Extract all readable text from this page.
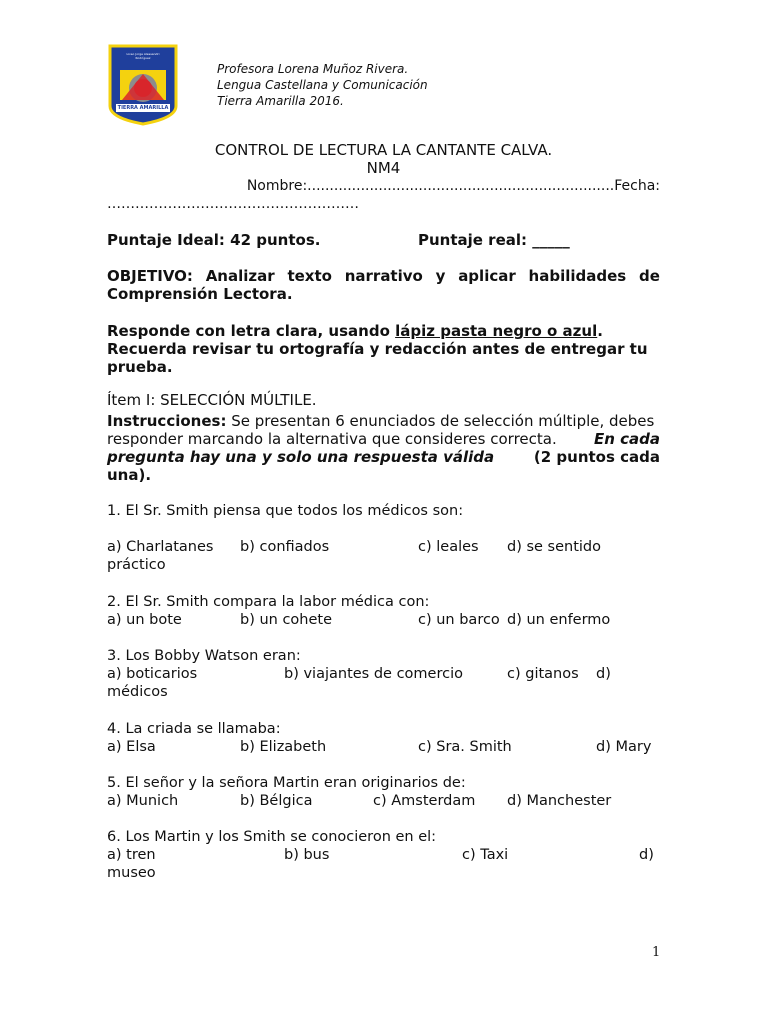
Liceo Jorge Alessandri Rodríguez
TIERRA AMARILLA
Profesora Lorena Muñoz Rivera.
Lengua Castellana y Comunicación
Tierra Amarilla 2016.
CONTROL DE LECTURA LA CANTANTE CALVA.
NM4
Nombre:.....................................................................Fecha:
………………………………………………
Puntaje Ideal: 42 puntos.	Puntaje real: _____
OBJETIVO: Analizar texto narrativo y aplicar habilidades de
Comprensión Lectora.
Responde con letra clara, usando lápiz pasta negro o azul.
Recuerda revisar tu ortografía y redacción antes de entregar tu
prueba.
Ítem I: SELECCIÓN MÚLTILE.
Instrucciones: Se presentan 6 enunciados de selección múltiple, debes
responder marcando la alternativa que consideres correcta. En cada
pregunta hay una y solo una respuesta válida	(2 puntos cada
una).
1. El Sr. Smith piensa que todos los médicos son:
a) Charlatanes b) confiados	c) leales d) se sentido
práctico
2. El Sr. Smith compara la labor médica con:
a) un bote	b) un cohete	c) un barco d) un enfermo
3. Los Bobby Watson eran:
a) boticarios	b) viajantes de comercio	c) gitanos d)
médicos
4. La criada se llamaba:
a) Elsa	b) Elizabeth	c) Sra. Smith	d) Mary
5. El señor y la señora Martin eran originarios de:
a) Munich	b) Bélgica	c) Amsterdam d) Manchester
6. Los Martin y los Smith se conocieron en el:
a) tren	b) bus	c) Taxi	d)
museo
1
